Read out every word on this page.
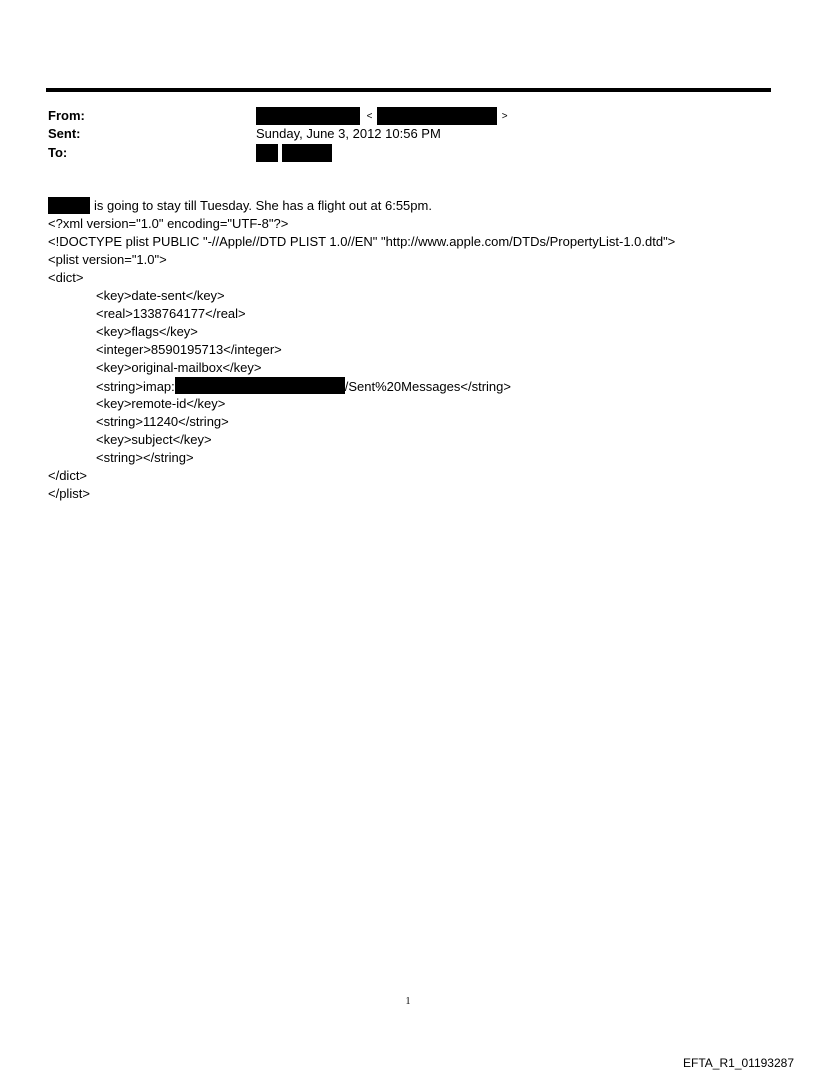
From:	<	>
Sent:	Sunday, June 3, 2012 10:56 PM
To:
is going to stay till Tuesday. She has a flight out at 6:55pm.
<?xml version="1.0" encoding="UTF-8"?>
<!DOCTYPE plist PUBLIC "-//Apple//DTD PLIST 1.0//EN" "http://www.apple.com/DTDs/PropertyList-1.0.dtd">
<plist version="1.0">
<dict>
<key>date-sent</key>
<real>1338764177</real>
<key>flags</key>
<integer>8590195713</integer>
<key>original-mailbox</key>
<string>imap:	/Sent%20Messages</string>
<key>remote-id</key>
<string>11240</string>
<key>subject</key>
<string></string>
</dict>
</plist>
1
EFTA_R1_01193287
